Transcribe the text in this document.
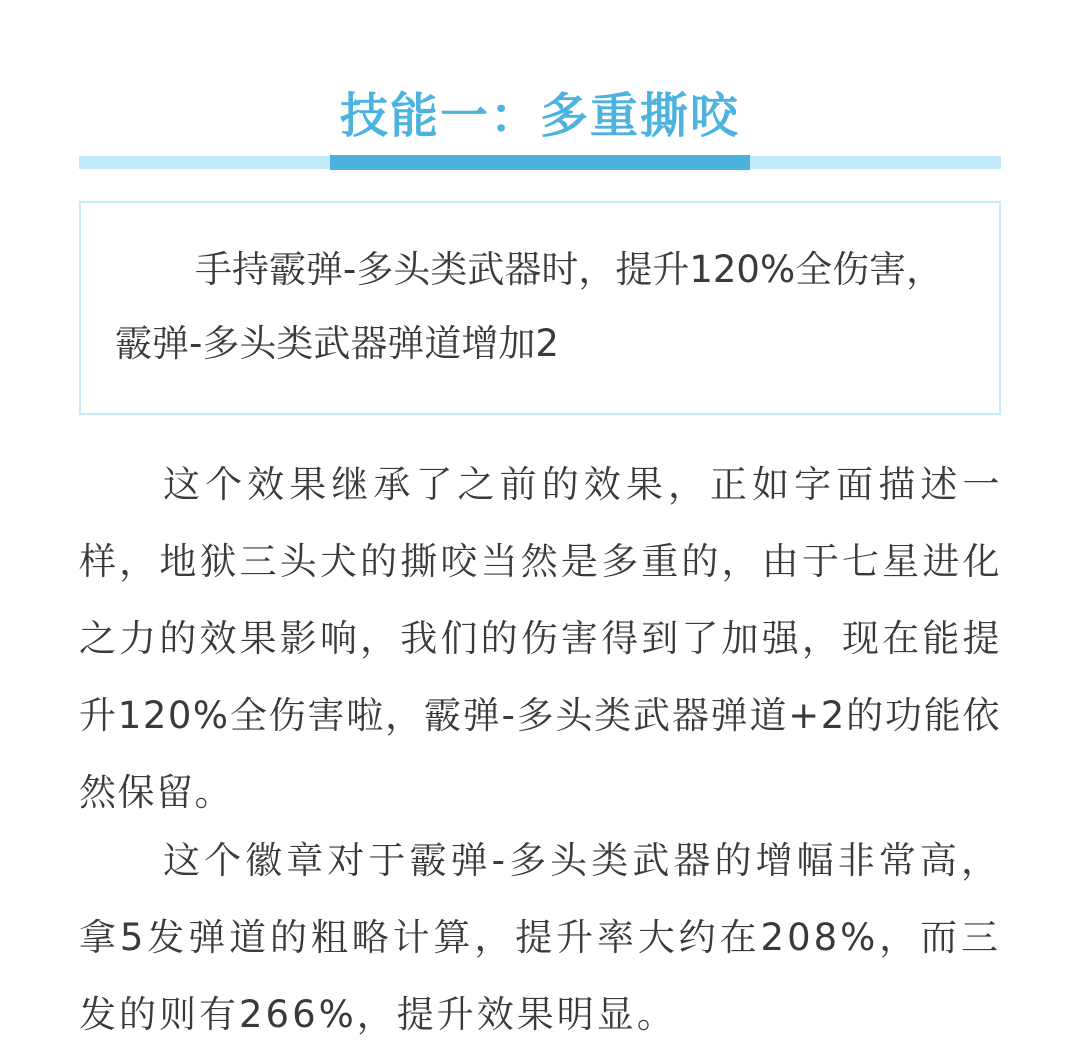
技能一：多重撕咬

手持霰弹-多头类武器时，提升120%全伤害，霰弹-多头类武器弹道增加2

这个效果继承了之前的效果，正如字面描述一样，地狱三头犬的撕咬当然是多重的，由于七星进化之力的效果影响，我们的伤害得到了加强，现在能提升120%全伤害啦，霰弹-多头类武器弹道+2的功能依然保留。

这个徽章对于霰弹-多头类武器的增幅非常高，拿5发弹道的粗略计算，提升率大约在208%，而三发的则有266%，提升效果明显。
